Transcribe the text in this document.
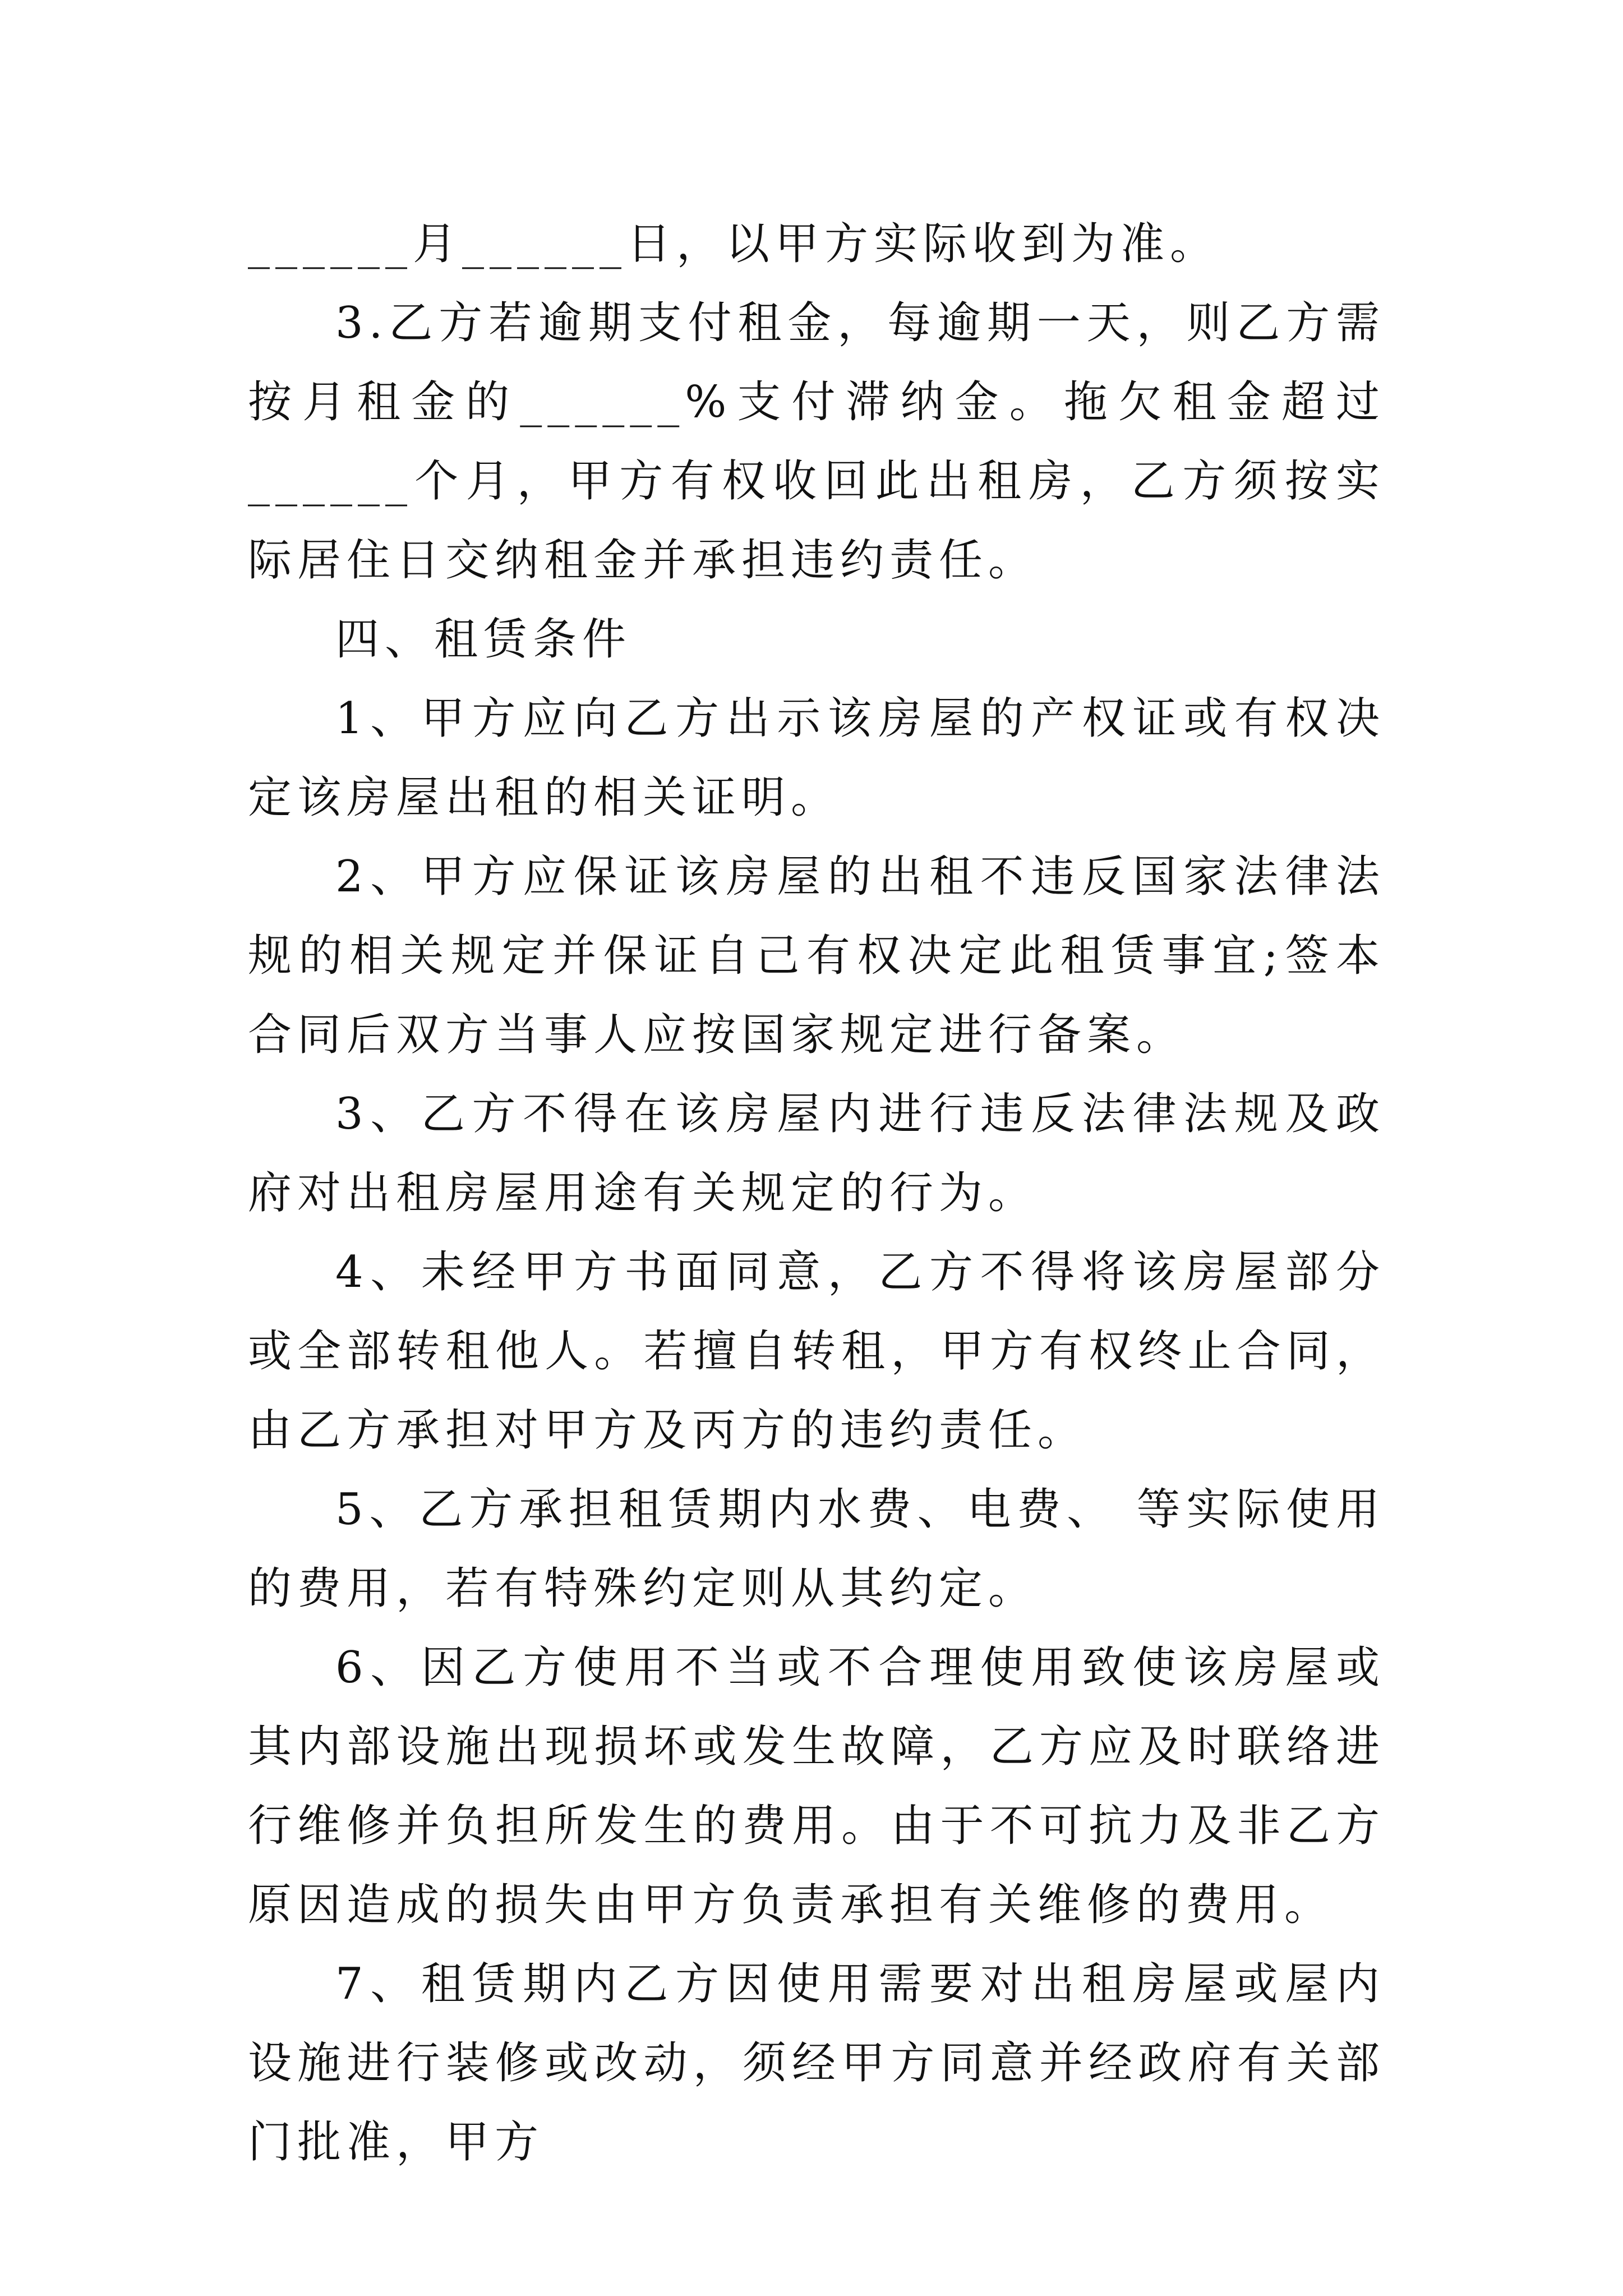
______月______日，以甲方实际收到为准。

3.乙方若逾期支付租金，每逾期一天，则乙方需按月租金的______%支付滞纳金。拖欠租金超过______个月，甲方有权收回此出租房，乙方须按实际居住日交纳租金并承担违约责任。

四、租赁条件

1、甲方应向乙方出示该房屋的产权证或有权决定该房屋出租的相关证明。

2、甲方应保证该房屋的出租不违反国家法律法规的相关规定并保证自己有权决定此租赁事宜;签本合同后双方当事人应按国家规定进行备案。

3、乙方不得在该房屋内进行违反法律法规及政府对出租房屋用途有关规定的行为。

4、未经甲方书面同意，乙方不得将该房屋部分或全部转租他人。若擅自转租，甲方有权终止合同，由乙方承担对甲方及丙方的违约责任。

5、乙方承担租赁期内水费、电费、 等实际使用的费用，若有特殊约定则从其约定。

6、因乙方使用不当或不合理使用致使该房屋或其内部设施出现损坏或发生故障，乙方应及时联络进行维修并负担所发生的费用。由于不可抗力及非乙方原因造成的损失由甲方负责承担有关维修的费用。

7、租赁期内乙方因使用需要对出租房屋或屋内设施进行装修或改动，须经甲方同意并经政府有关部门批准，甲方
